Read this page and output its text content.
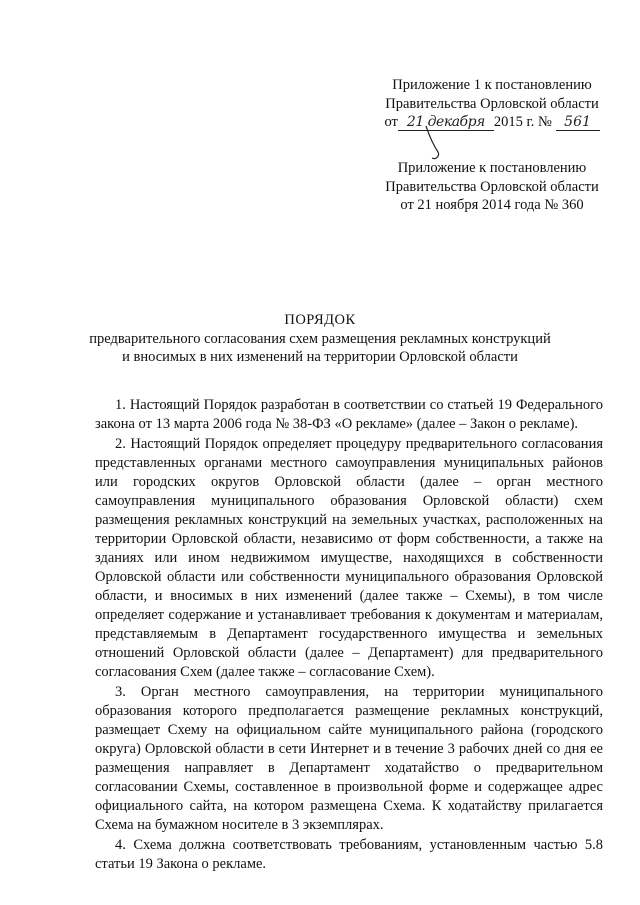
Приложение 1 к постановлению
Правительства Орловской области
от 21 декабря 2015 г. № 561
Приложение к постановлению
Правительства Орловской области
от 21 ноября 2014 года № 360
ПОРЯДОК
предварительного согласования схем размещения рекламных конструкций
и вносимых в них изменений на территории Орловской области

1. Настоящий Порядок разработан в соответствии со статьей 19 Федерального закона от 13 марта 2006 года № 38-ФЗ «О рекламе» (далее – Закон о рекламе).

2. Настоящий Порядок определяет процедуру предварительного согласования представленных органами местного самоуправления муниципальных районов или городских округов Орловской области (далее – орган местного самоуправления муниципального образования Орловской области) схем размещения рекламных конструкций на земельных участках, расположенных на территории Орловской области, независимо от форм собственности, а также на зданиях или ином недвижимом имуществе, находящихся в собственности Орловской области или собственности муниципального образования Орловской области, и вносимых в них изменений (далее также – Схемы), в том числе определяет содержание и устанавливает требования к документам и материалам, представляемым в Департамент государственного имущества и земельных отношений Орловской области (далее – Департамент) для предварительного согласования Схем (далее также – согласование Схем).

3. Орган местного самоуправления, на территории муниципального образования которого предполагается размещение рекламных конструкций, размещает Схему на официальном сайте муниципального района (городского округа) Орловской области в сети Интернет и в течение 3 рабочих дней со дня ее размещения направляет в Департамент ходатайство о предварительном согласовании Схемы, составленное в произвольной форме и содержащее адрес официального сайта, на котором размещена Схема. К ходатайству прилагается Схема на бумажном носителе в 3 экземплярах.

4. Схема должна соответствовать требованиям, установленным частью 5.8 статьи 19 Закона о рекламе.
